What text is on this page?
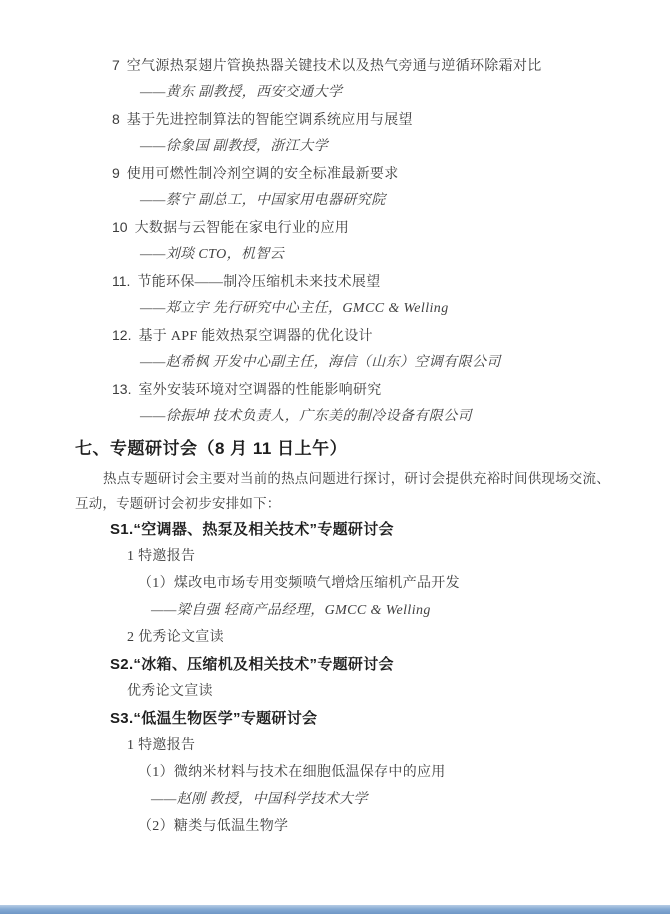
7 空气源热泵翅片管换热器关键技术以及热气旁通与逆循环除霜对比
——黄东 副教授，西安交通大学
8 基于先进控制算法的智能空调系统应用与展望
——徐象国 副教授，浙江大学
9 使用可燃性制冷剂空调的安全标准最新要求
——蔡宁 副总工，中国家用电器研究院
10 大数据与云智能在家电行业的应用
——刘琰 CTO，机智云
11. 节能环保——制冷压缩机未来技术展望
——郑立宇 先行研究中心主任，GMCC & Welling
12. 基于 APF 能效热泵空调器的优化设计
——赵希枫 开发中心副主任，海信（山东）空调有限公司
13. 室外安装环境对空调器的性能影响研究
——徐振坤 技术负责人，广东美的制冷设备有限公司
七、专题研讨会（8 月 11 日上午）
热点专题研讨会主要对当前的热点问题进行探讨，研讨会提供充裕时间供现场交流、
互动，专题研讨会初步安排如下：
S1.“空调器、热泵及相关技术”专题研讨会
1 特邀报告
（1）煤改电市场专用变频喷气增焓压缩机产品开发
——梁自强 轻商产品经理，GMCC & Welling
2 优秀论文宣读
S2.“冰箱、压缩机及相关技术”专题研讨会
优秀论文宣读
S3.“低温生物医学”专题研讨会
1 特邀报告
（1）微纳米材料与技术在细胞低温保存中的应用
——赵刚 教授，中国科学技术大学
（2）糖类与低温生物学
